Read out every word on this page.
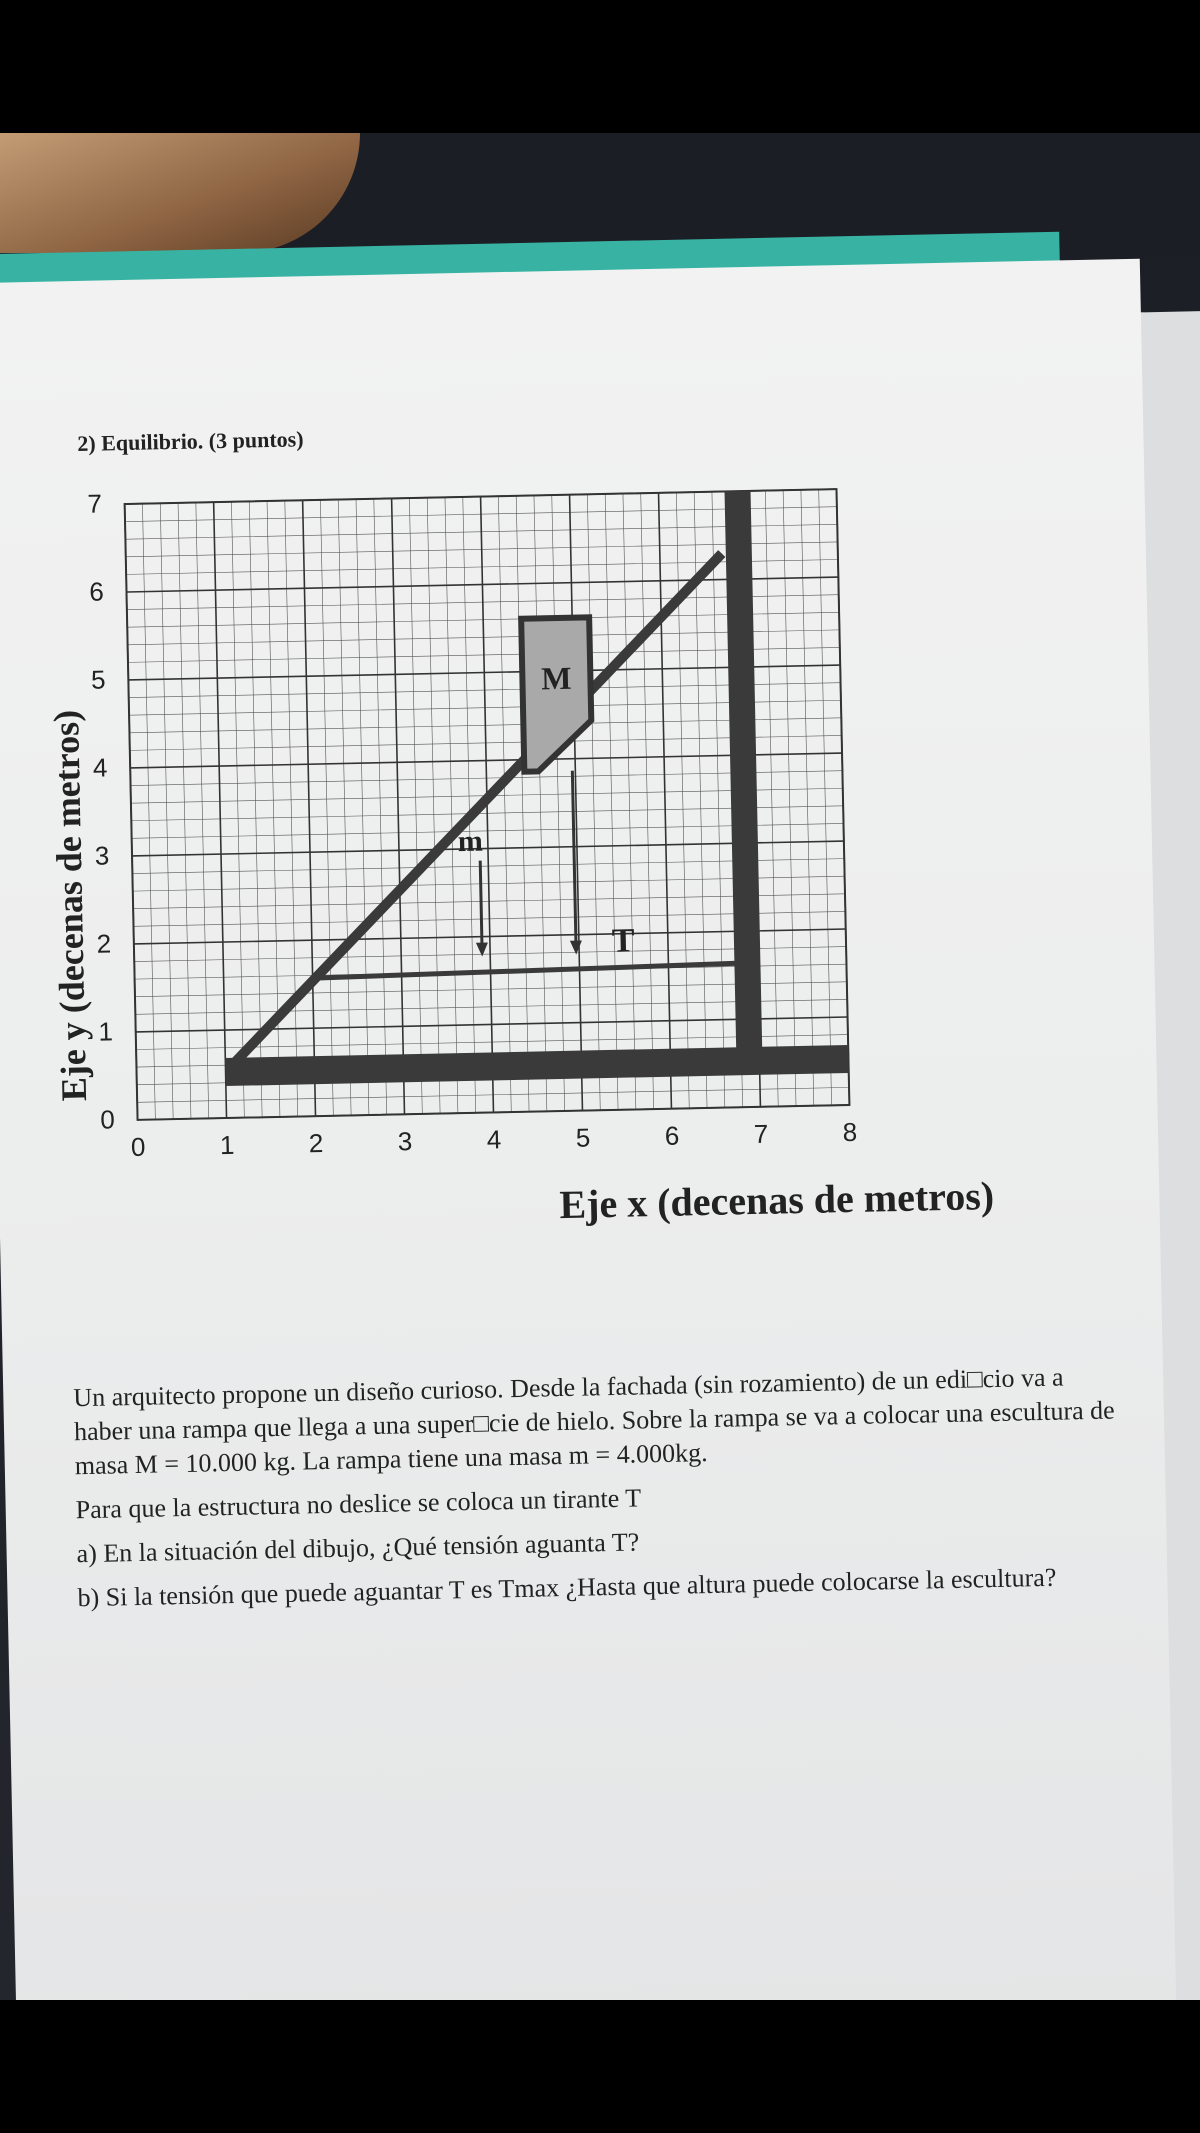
2) Equilibrio. (3 puntos)
M
m
T
0
1
2
3
4
5
6
7
0	1	2	3	4	5	6	7	8
Eje y (decenas de metros)
Eje x (decenas de metros)

Un arquitecto propone un diseño curioso. Desde la fachada (sin rozamiento) de un edi□cio va a haber una rampa que llega a una super□cie de hielo. Sobre la rampa se va a colocar una escultura de masa M = 10.000 kg. La rampa tiene una masa m = 4.000kg.

Para que la estructura no deslice se coloca un tirante T

a) En la situación del dibujo, ¿Qué tensión aguanta T?

b) Si la tensión que puede aguantar T es Tmax ¿Hasta que altura puede colocarse la escultura?
